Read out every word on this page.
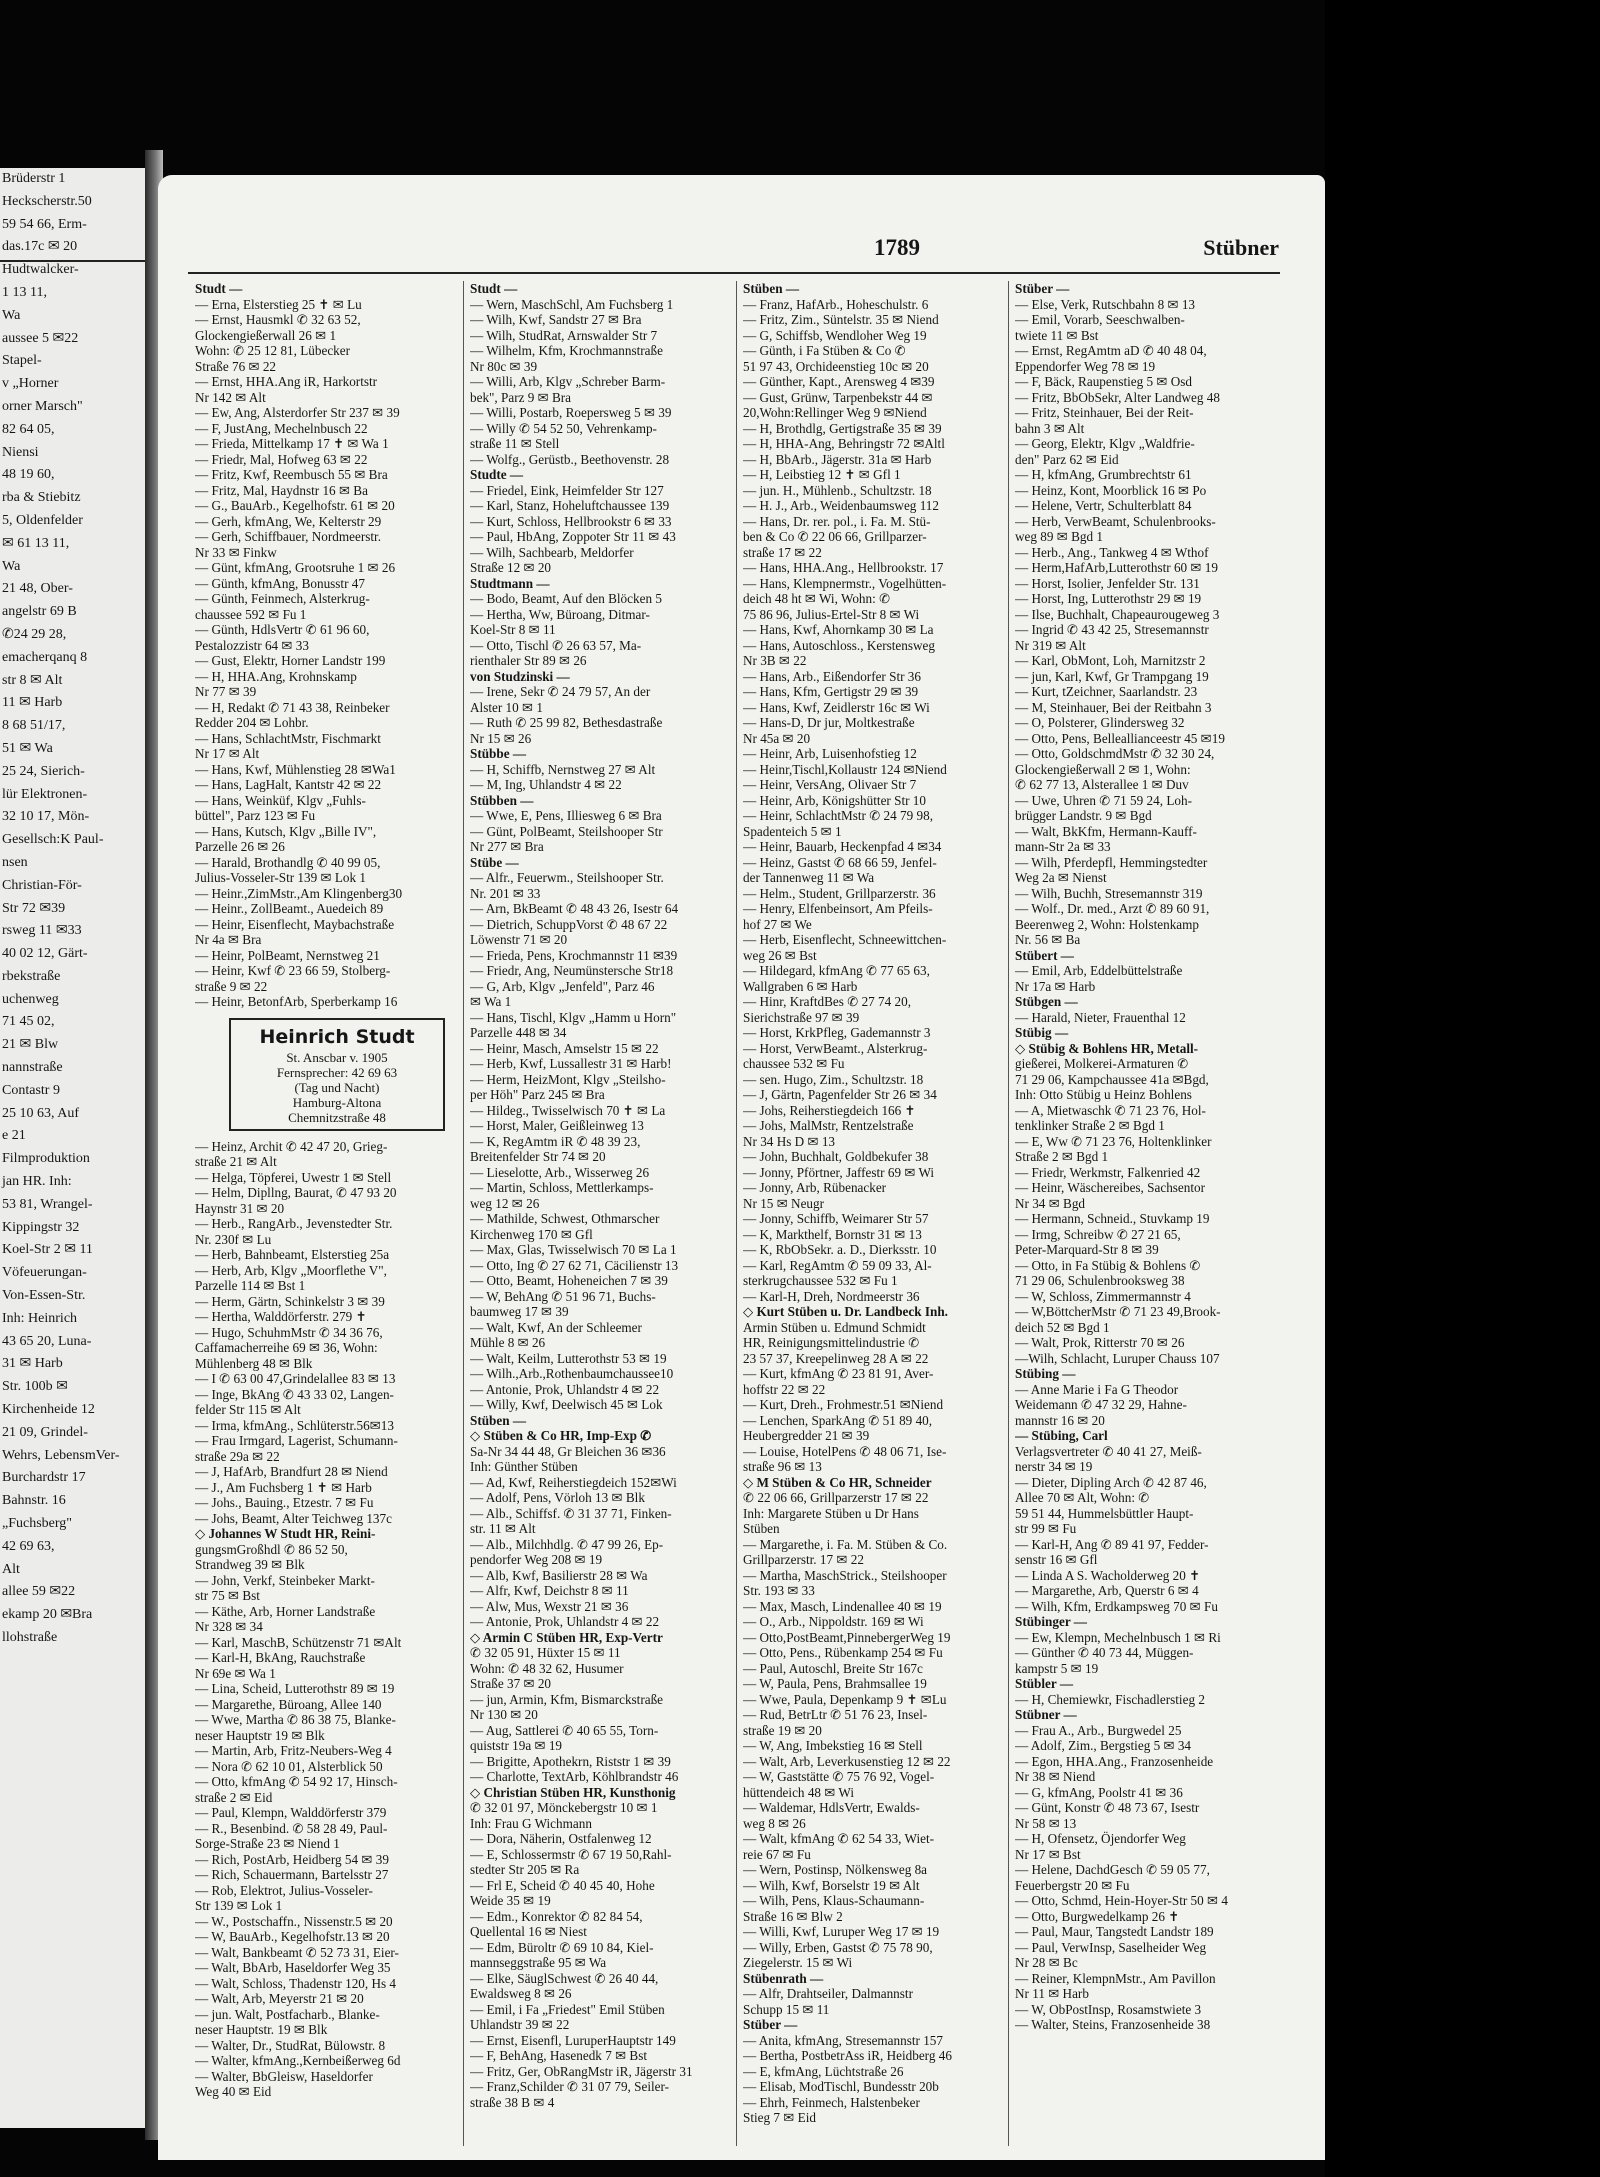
Brüderstr 1
Heckscherstr.50
59 54 66, Erm-
das.17c ✉ 20
Hudtwalcker-
1 13 11,
Wa
aussee 5 ✉22
Stapel-
v „Horner
orner Marsch"
82 64 05,
Niensi
48 19 60,
rba & Stiebitz
5, Oldenfelder
✉ 61 13 11,
Wa
21 48, Ober-
angelstr 69 B
✆24 29 28,
emacherqanq 8
str 8 ✉ Alt
11 ✉ Harb
8 68 51/17,
51 ✉ Wa
25 24, Sierich-
lür Elektronen-
32 10 17, Mön-
Gesellsch:K Paul-
nsen
Christian-För-
Str 72 ✉39
rsweg 11 ✉33
40 02 12, Gärt-
rbekstraße
uchenweg
71 45 02,
21 ✉ Blw
nannstraße
Contastr 9
25 10 63, Auf
e 21
Filmproduktion
jan HR. Inh:
53 81, Wrangel-
Kippingstr 32
Koel-Str 2 ✉ 11
Vöfeuerungan-
Von-Essen-Str.
Inh: Heinrich
43 65 20, Luna-
31 ✉ Harb
Str. 100b ✉
Kirchenheide 12
21 09, Grindel-
Wehrs, LebensmVer-
Burchardstr 17
Bahnstr. 16
„Fuchsberg"
42 69 63,
Alt
allee 59 ✉22
ekamp 20 ✉Bra
llohstraße
1789	Stübner
Studt —
— Erna, Elsterstieg 25 ✝ ✉ Lu
— Ernst, Hausmkl ✆ 32 63 52,
Glockengießerwall 26 ✉ 1
Wohn: ✆ 25 12 81, Lübecker
Straße 76 ✉ 22
— Ernst, HHA.Ang iR, Harkortstr
Nr 142 ✉ Alt
— Ew, Ang, Alsterdorfer Str 237 ✉ 39
— F, JustAng, Mechelnbusch 22
— Frieda, Mittelkamp 17 ✝ ✉ Wa 1
— Friedr, Mal, Hofweg 63 ✉ 22
— Fritz, Kwf, Reembusch 55 ✉ Bra
— Fritz, Mal, Haydnstr 16 ✉ Ba
— G., BauArb., Kegelhofstr. 61 ✉ 20
— Gerh, kfmAng, We, Kelterstr 29
— Gerh, Schiffbauer, Nordmeerstr.
Nr 33 ✉ Finkw
— Günt, kfmAng, Grootsruhe 1 ✉ 26
— Günth, kfmAng, Bonusstr 47
— Günth, Feinmech, Alsterkrug-
chaussee 592 ✉ Fu 1
— Günth, HdlsVertr ✆ 61 96 60,
Pestalozzistr 64 ✉ 33
— Gust, Elektr, Horner Landstr 199
— H, HHA.Ang, Krohnskamp
Nr 77 ✉ 39
— H, Redakt ✆ 71 43 38, Reinbeker
Redder 204 ✉ Lohbr.
— Hans, SchlachtMstr, Fischmarkt
Nr 17 ✉ Alt
— Hans, Kwf, Mühlenstieg 28 ✉Wa1
— Hans, LagHalt, Kantstr 42 ✉ 22
— Hans, Weinküf, Klgv „Fuhls-
büttel", Parz 123 ✉ Fu
— Hans, Kutsch, Klgv „Bille IV",
Parzelle 26 ✉ 26
— Harald, Brothandlg ✆ 40 99 05,
Julius-Vosseler-Str 139 ✉ Lok 1
— Heinr.,ZimMstr.,Am Klingenberg30
— Heinr., ZollBeamt., Auedeich 89
— Heinr, Eisenflecht, Maybachstraße
Nr 4a ✉ Bra
— Heinr, PolBeamt, Nernstweg 21
— Heinr, Kwf ✆ 23 66 59, Stolberg-
straße 9 ✉ 22
— Heinr, BetonfArb, Sperberkamp 16
Heinrich Studt
St. Anscbar v. 1905
Fernsprecher: 42 69 63
(Tag und Nacht)
Hamburg-Altona
Chemnitzstraße 48
— Heinz, Archit ✆ 42 47 20, Grieg-
straße 21 ✉ Alt
— Helga, Töpferei, Uwestr 1 ✉ Stell
— Helm, Dipllng, Baurat, ✆ 47 93 20
Haynstr 31 ✉ 20
— Herb., RangArb., Jevenstedter Str.
Nr. 230f ✉ Lu
— Herb, Bahnbeamt, Elsterstieg 25a
— Herb, Arb, Klgv „Moorflethe V",
Parzelle 114 ✉ Bst 1
— Herm, Gärtn, Schinkelstr 3 ✉ 39
— Hertha, Walddörferstr. 279 ✝
— Hugo, SchuhmMstr ✆ 34 36 76,
Caffamacherreihe 69 ✉ 36, Wohn:
Mühlenberg 48 ✉ Blk
— I ✆ 63 00 47,Grindelallee 83 ✉ 13
— Inge, BkAng ✆ 43 33 02, Langen-
felder Str 115 ✉ Alt
— Irma, kfmAng., Schlüterstr.56✉13
— Frau Irmgard, Lagerist, Schumann-
straße 29a ✉ 22
— J, HafArb, Brandfurt 28 ✉ Niend
— J., Am Fuchsberg 1 ✝ ✉ Harb
— Johs., Bauing., Etzestr. 7 ✉ Fu
— Johs, Beamt, Alter Teichweg 137c
◇ Johannes W Studt HR, Reini-
gungsmGroßhdl ✆ 86 52 50,
Strandweg 39 ✉ Blk
— John, Verkf, Steinbeker Markt-
str 75 ✉ Bst
— Käthe, Arb, Horner Landstraße
Nr 328 ✉ 34
— Karl, MaschB, Schützenstr 71 ✉Alt
— Karl-H, BkAng, Rauchstraße
Nr 69e ✉ Wa 1
— Lina, Scheid, Lutterothstr 89 ✉ 19
— Margarethe, Büroang, Allee 140
— Wwe, Martha ✆ 86 38 75, Blanke-
neser Hauptstr 19 ✉ Blk
— Martin, Arb, Fritz-Neubers-Weg 4
— Nora ✆ 62 10 01, Alsterblick 50
— Otto, kfmAng ✆ 54 92 17, Hinsch-
straße 2 ✉ Eid
— Paul, Klempn, Walddörferstr 379
— R., Besenbind. ✆ 58 28 49, Paul-
Sorge-Straße 23 ✉ Niend 1
— Rich, PostArb, Heidberg 54 ✉ 39
— Rich, Schauermann, Bartelsstr 27
— Rob, Elektrot, Julius-Vosseler-
Str 139 ✉ Lok 1
— W., Postschaffn., Nissenstr.5 ✉ 20
— W, BauArb., Kegelhofstr.13 ✉ 20
— Walt, Bankbeamt ✆ 52 73 31, Eier-
— Walt, BbArb, Haseldorfer Weg 35
— Walt, Schloss, Thadenstr 120, Hs 4
— Walt, Arb, Meyerstr 21 ✉ 20
— jun. Walt, Postfacharb., Blanke-
neser Hauptstr. 19 ✉ Blk
— Walter, Dr., StudRat, Bülowstr. 8
— Walter, kfmAng.,Kernbeißerweg 6d
— Walter, BbGleisw, Haseldorfer
Weg 40 ✉ Eid
Studt —
— Wern, MaschSchl, Am Fuchsberg 1
— Wilh, Kwf, Sandstr 27 ✉ Bra
— Wilh, StudRat, Arnswalder Str 7
— Wilhelm, Kfm, Krochmannstraße
Nr 80c ✉ 39
— Willi, Arb, Klgv „Schreber Barm-
bek", Parz 9 ✉ Bra
— Willi, Postarb, Roepersweg 5 ✉ 39
— Willy ✆ 54 52 50, Vehrenkamp-
straße 11 ✉ Stell
— Wolfg., Gerüstb., Beethovenstr. 28
Studte —
— Friedel, Eink, Heimfelder Str 127
— Karl, Stanz, Hoheluftchaussee 139
— Kurt, Schloss, Hellbrookstr 6 ✉ 33
— Paul, HbAng, Zoppoter Str 11 ✉ 43
— Wilh, Sachbearb, Meldorfer
Straße 12 ✉ 20
Studtmann —
— Bodo, Beamt, Auf den Blöcken 5
— Hertha, Ww, Büroang, Ditmar-
Koel-Str 8 ✉ 11
— Otto, Tischl ✆ 26 63 57, Ma-
rienthaler Str 89 ✉ 26
von Studzinski —
— Irene, Sekr ✆ 24 79 57, An der
Alster 10 ✉ 1
— Ruth ✆ 25 99 82, Bethesdastraße
Nr 15 ✉ 26
Stübbe —
— H, Schiffb, Nernstweg 27 ✉ Alt
— M, Ing, Uhlandstr 4 ✉ 22
Stübben —
— Wwe, E, Pens, Illiesweg 6 ✉ Bra
— Günt, PolBeamt, Steilshooper Str
Nr 277 ✉ Bra
Stübe —
— Alfr., Feuerwm., Steilshooper Str.
Nr. 201 ✉ 33
— Arn, BkBeamt ✆ 48 43 26, Isestr 64
— Dietrich, SchuppVorst ✆ 48 67 22
Löwenstr 71 ✉ 20
— Frieda, Pens, Krochmannstr 11 ✉39
— Friedr, Ang, Neumünstersche Str18
— G, Arb, Klgv „Jenfeld", Parz 46
✉ Wa 1
— Hans, Tischl, Klgv „Hamm u Horn"
Parzelle 448 ✉ 34
— Heinr, Masch, Amselstr 15 ✉ 22
— Herb, Kwf, Lussallestr 31 ✉ Harb!
— Herm, HeizMont, Klgv „Steilsho-
per Höh" Parz 245 ✉ Bra
— Hildeg., Twisselwisch 70 ✝ ✉ La
— Horst, Maler, Geißleinweg 13
— K, RegAmtm iR ✆ 48 39 23,
Breitenfelder Str 74 ✉ 20
— Lieselotte, Arb., Wisserweg 26
— Martin, Schloss, Mettlerkamps-
weg 12 ✉ 26
— Mathilde, Schwest, Othmarscher
Kirchenweg 170 ✉ Gfl
— Max, Glas, Twisselwisch 70 ✉ La 1
— Otto, Ing ✆ 27 62 71, Cäcilienstr 13
— Otto, Beamt, Hoheneichen 7 ✉ 39
— W, BehAng ✆ 51 96 71, Buchs-
baumweg 17 ✉ 39
— Walt, Kwf, An der Schleemer
Mühle 8 ✉ 26
— Walt, Keilm, Lutterothstr 53 ✉ 19
— Wilh.,Arb.,Rothenbaumchaussee10
— Antonie, Prok, Uhlandstr 4 ✉ 22
— Willy, Kwf, Deelwisch 45 ✉ Lok
Stüben —
◇ Stüben & Co HR, Imp-Exp ✆
Sa-Nr 34 44 48, Gr Bleichen 36 ✉36
Inh: Günther Stüben
— Ad, Kwf, Reiherstiegdeich 152✉Wi
— Adolf, Pens, Vörloh 13 ✉ Blk
— Alb., Schiffsf. ✆ 31 37 71, Finken-
str. 11 ✉ Alt
— Alb., Milchhdlg. ✆ 47 99 26, Ep-
pendorfer Weg 208 ✉ 19
— Alb, Kwf, Basilierstr 28 ✉ Wa
— Alfr, Kwf, Deichstr 8 ✉ 11
— Alw, Mus, Wexstr 21 ✉ 36
— Antonie, Prok, Uhlandstr 4 ✉ 22
◇ Armin C Stüben HR, Exp-Vertr
✆ 32 05 91, Hüxter 15 ✉ 11
Wohn: ✆ 48 32 62, Husumer
Straße 37 ✉ 20
— jun, Armin, Kfm, Bismarckstraße
Nr 130 ✉ 20
— Aug, Sattlerei ✆ 40 65 55, Torn-
quiststr 19a ✉ 19
— Brigitte, Apothekrn, Riststr 1 ✉ 39
— Charlotte, TextArb, Köhlbrandstr 46
◇ Christian Stüben HR, Kunsthonig
✆ 32 01 97, Mönckebergstr 10 ✉ 1
Inh: Frau G Wichmann
— Dora, Näherin, Ostfalenweg 12
— E, Schlossermstr ✆ 67 19 50,Rahl-
stedter Str 205 ✉ Ra
— Frl E, Scheid ✆ 40 45 40, Hohe
Weide 35 ✉ 19
— Edm., Konrektor ✆ 82 84 54,
Quellental 16 ✉ Niest
— Edm, Büroltr ✆ 69 10 84, Kiel-
mannseggstraße 95 ✉ Wa
— Elke, SäuglSchwest ✆ 26 40 44,
Ewaldsweg 8 ✉ 26
— Emil, i Fa „Friedest" Emil Stüben
Uhlandstr 39 ✉ 22
— Ernst, Eisenfl, LuruperHauptstr 149
— F, BehAng, Hasenedk 7 ✉ Bst
— Fritz, Ger, ObRangMstr iR, Jägerstr 31
— Franz,Schilder ✆ 31 07 79, Seiler-
straße 38 B ✉ 4
Stüben —
— Franz, HafArb., Hoheschulstr. 6
— Fritz, Zim., Süntelstr. 35 ✉ Niend
— G, Schiffsb, Wendloher Weg 19
— Günth, i Fa Stüben & Co ✆
51 97 43, Orchideenstieg 10c ✉ 20
— Günther, Kapt., Arensweg 4 ✉39
— Gust, Grünw, Tarpenbekstr 44 ✉
20,Wohn:Rellinger Weg 9 ✉Niend
— H, Brothdlg, Gertigstraße 35 ✉ 39
— H, HHA-Ang, Behringstr 72 ✉Altl
— H, BbArb., Jägerstr. 31a ✉ Harb
— H, Leibstieg 12 ✝ ✉ Gfl 1
— jun. H., Mühlenb., Schultzstr. 18
— H. J., Arb., Weidenbaumsweg 112
— Hans, Dr. rer. pol., i. Fa. M. Stü-
ben & Co ✆ 22 06 66, Grillparzer-
straße 17 ✉ 22
— Hans, HHA.Ang., Hellbrookstr. 17
— Hans, Klempnermstr., Vogelhütten-
deich 48 ht ✉ Wi, Wohn: ✆
75 86 96, Julius-Ertel-Str 8 ✉ Wi
— Hans, Kwf, Ahornkamp 30 ✉ La
— Hans, Autoschloss., Kerstensweg
Nr 3B ✉ 22
— Hans, Arb., Eißendorfer Str 36
— Hans, Kfm, Gertigstr 29 ✉ 39
— Hans, Kwf, Zeidlerstr 16c ✉ Wi
— Hans-D, Dr jur, Moltkestraße
Nr 45a ✉ 20
— Heinr, Arb, Luisenhofstieg 12
— Heinr,Tischl,Kollaustr 124 ✉Niend
— Heinr, VersAng, Olivaer Str 7
— Heinr, Arb, Königshütter Str 10
— Heinr, SchlachtMstr ✆ 24 79 98,
Spadenteich 5 ✉ 1
— Heinr, Bauarb, Heckenpfad 4 ✉34
— Heinz, Gastst ✆ 68 66 59, Jenfel-
der Tannenweg 11 ✉ Wa
— Helm., Student, Grillparzerstr. 36
— Henry, Elfenbeinsort, Am Pfeils-
hof 27 ✉ We
— Herb, Eisenflecht, Schneewittchen-
weg 26 ✉ Bst
— Hildegard, kfmAng ✆ 77 65 63,
Wallgraben 6 ✉ Harb
— Hinr, KraftdBes ✆ 27 74 20,
Sierichstraße 97 ✉ 39
— Horst, KrkPfleg, Gademannstr 3
— Horst, VerwBeamt., Alsterkrug-
chaussee 532 ✉ Fu
— sen. Hugo, Zim., Schultzstr. 18
— J, Gärtn, Pagenfelder Str 26 ✉ 34
— Johs, Reiherstiegdeich 166 ✝
— Johs, MalMstr, Rentzelstraße
Nr 34 Hs D ✉ 13
— John, Buchhalt, Goldbekufer 38
— Jonny, Pförtner, Jaffestr 69 ✉ Wi
— Jonny, Arb, Rübenacker
Nr 15 ✉ Neugr
— Jonny, Schiffb, Weimarer Str 57
— K, Markthelf, Bornstr 31 ✉ 13
— K, RbObSekr. a. D., Dierksstr. 10
— Karl, RegAmtm ✆ 59 09 33, Al-
sterkrugchaussee 532 ✉ Fu 1
— Karl-H, Dreh, Nordmeerstr 36
◇ Kurt Stüben u. Dr. Landbeck Inh.
Armin Stüben u. Edmund Schmidt
HR, Reinigungsmittelindustrie ✆
23 57 37, Kreepelinweg 28 A ✉ 22
— Kurt, kfmAng ✆ 23 81 91, Aver-
hoffstr 22 ✉ 22
— Kurt, Dreh., Frohmestr.51 ✉Niend
— Lenchen, SparkAng ✆ 51 89 40,
Heubergredder 21 ✉ 39
— Louise, HotelPens ✆ 48 06 71, Ise-
straße 96 ✉ 13
◇ M Stüben & Co HR, Schneider
✆ 22 06 66, Grillparzerstr 17 ✉ 22
Inh: Margarete Stüben u Dr Hans
Stüben
— Margarethe, i. Fa. M. Stüben & Co.
Grillparzerstr. 17 ✉ 22
— Martha, MaschStrick., Steilshooper
Str. 193 ✉ 33
— Max, Masch, Lindenallee 40 ✉ 19
— O., Arb., Nippoldstr. 169 ✉ Wi
— Otto,PostBeamt,PinnebergerWeg 19
— Otto, Pens., Rübenkamp 254 ✉ Fu
— Paul, Autoschl, Breite Str 167c
— W, Paula, Pens, Brahmsallee 19
— Wwe, Paula, Depenkamp 9 ✝ ✉Lu
— Rud, BetrLtr ✆ 51 76 23, Insel-
straße 19 ✉ 20
— W, Ang, Imbekstieg 16 ✉ Stell
— Walt, Arb, Leverkusenstieg 12 ✉ 22
— W, Gaststätte ✆ 75 76 92, Vogel-
hüttendeich 48 ✉ Wi
— Waldemar, HdlsVertr, Ewalds-
weg 8 ✉ 26
— Walt, kfmAng ✆ 62 54 33, Wiet-
reie 67 ✉ Fu
— Wern, Postinsp, Nölkensweg 8a
— Wilh, Kwf, Borselstr 19 ✉ Alt
— Wilh, Pens, Klaus-Schaumann-
Straße 16 ✉ Blw 2
— Willi, Kwf, Luruper Weg 17 ✉ 19
— Willy, Erben, Gastst ✆ 75 78 90,
Ziegelerstr. 15 ✉ Wi
Stübenrath —
— Alfr, Drahtseiler, Dalmannstr
Schupp 15 ✉ 11
Stüber —
— Anita, kfmAng, Stresemannstr 157
— Bertha, PostbetrAss iR, Heidberg 46
— E, kfmAng, Lüchtstraße 26
— Elisab, ModTischl, Bundesstr 20b
— Ehrh, Feinmech, Halstenbeker
Stieg 7 ✉ Eid
Stüber —
— Else, Verk, Rutschbahn 8 ✉ 13
— Emil, Vorarb, Seeschwalben-
twiete 11 ✉ Bst
— Ernst, RegAmtm aD ✆ 40 48 04,
Eppendorfer Weg 78 ✉ 19
— F, Bäck, Raupenstieg 5 ✉ Osd
— Fritz, BbObSekr, Alter Landweg 48
— Fritz, Steinhauer, Bei der Reit-
bahn 3 ✉ Alt
— Georg, Elektr, Klgv „Waldfrie-
den" Parz 62 ✉ Eid
— H, kfmAng, Grumbrechtstr 61
— Heinz, Kont, Moorblick 16 ✉ Po
— Helene, Vertr, Schulterblatt 84
— Herb, VerwBeamt, Schulenbrooks-
weg 89 ✉ Bgd 1
— Herb., Ang., Tankweg 4 ✉ Wthof
— Herm,HafArb,Lutterothstr 60 ✉ 19
— Horst, Isolier, Jenfelder Str. 131
— Horst, Ing, Lutterothstr 29 ✉ 19
— Ilse, Buchhalt, Chapeaurougeweg 3
— Ingrid ✆ 43 42 25, Stresemannstr
Nr 319 ✉ Alt
— Karl, ObMont, Loh, Marnitzstr 2
— jun, Karl, Kwf, Gr Trampgang 19
— Kurt, tZeichner, Saarlandstr. 23
— M, Steinhauer, Bei der Reitbahn 3
— O, Polsterer, Glindersweg 32
— Otto, Pens, Belleallianceestr 45 ✉19
— Otto, GoldschmdMstr ✆ 32 30 24,
Glockengießerwall 2 ✉ 1, Wohn:
✆ 62 77 13, Alsterallee 1 ✉ Duv
— Uwe, Uhren ✆ 71 59 24, Loh-
brügger Landstr. 9 ✉ Bgd
— Walt, BkKfm, Hermann-Kauff-
mann-Str 2a ✉ 33
— Wilh, Pferdepfl, Hemmingstedter
Weg 2a ✉ Nienst
— Wilh, Buchh, Stresemannstr 319
— Wolf., Dr. med., Arzt ✆ 89 60 91,
Beerenweg 2, Wohn: Holstenkamp
Nr. 56 ✉ Ba
Stübert —
— Emil, Arb, Eddelbüttelstraße
Nr 17a ✉ Harb
Stübgen —
— Harald, Nieter, Frauenthal 12
Stübig —
◇ Stübig & Bohlens HR, Metall-
gießerei, Molkerei-Armaturen ✆
71 29 06, Kampchaussee 41a ✉Bgd,
Inh: Otto Stübig u Heinz Bohlens
— A, Mietwaschk ✆ 71 23 76, Hol-
tenklinker Straße 2 ✉ Bgd 1
— E, Ww ✆ 71 23 76, Holtenklinker
Straße 2 ✉ Bgd 1
— Friedr, Werkmstr, Falkenried 42
— Heinr, Wäschereibes, Sachsentor
Nr 34 ✉ Bgd
— Hermann, Schneid., Stuvkamp 19
— Irmg, Schreibw ✆ 27 21 65,
Peter-Marquard-Str 8 ✉ 39
— Otto, in Fa Stübig & Bohlens ✆
71 29 06, Schulenbrooksweg 38
— W, Schloss, Zimmermannstr 4
— W,BöttcherMstr ✆ 71 23 49,Brook-
deich 52 ✉ Bgd 1
— Walt, Prok, Ritterstr 70 ✉ 26
—Wilh, Schlacht, Luruper Chauss 107
Stübing —
— Anne Marie i Fa G Theodor
Weidemann ✆ 47 32 29, Hahne-
mannstr 16 ✉ 20
— Stübing, Carl
Verlagsvertreter ✆ 40 41 27, Meiß-
nerstr 34 ✉ 19
— Dieter, Dipling Arch ✆ 42 87 46,
Allee 70 ✉ Alt, Wohn: ✆
59 51 44, Hummelsbüttler Haupt-
str 99 ✉ Fu
— Karl-H, Ang ✆ 89 41 97, Fedder-
senstr 16 ✉ Gfl
— Linda A S. Wacholderweg 20 ✝
— Margarethe, Arb, Querstr 6 ✉ 4
— Wilh, Kfm, Erdkampsweg 70 ✉ Fu
Stübinger —
— Ew, Klempn, Mechelnbusch 1 ✉ Ri
— Günther ✆ 40 73 44, Müggen-
kampstr 5 ✉ 19
Stübler —
— H, Chemiewkr, Fischadlerstieg 2
Stübner —
— Frau A., Arb., Burgwedel 25
— Adolf, Zim., Bergstieg 5 ✉ 34
— Egon, HHA.Ang., Franzosenheide
Nr 38 ✉ Niend
— G, kfmAng, Poolstr 41 ✉ 36
— Günt, Konstr ✆ 48 73 67, Isestr
Nr 58 ✉ 13
— H, Ofensetz, Öjendorfer Weg
Nr 17 ✉ Bst
— Helene, DachdGesch ✆ 59 05 77,
Feuerbergstr 20 ✉ Fu
— Otto, Schmd, Hein-Hoyer-Str 50 ✉ 4
— Otto, Burgwedelkamp 26 ✝
— Paul, Maur, Tangstedt Landstr 189
— Paul, VerwInsp, Saselheider Weg
Nr 28 ✉ Bc
— Reiner, KlempnMstr., Am Pavillon
Nr 11 ✉ Harb
— W, ObPostInsp, Rosamstwiete 3
— Walter, Steins, Franzosenheide 38
